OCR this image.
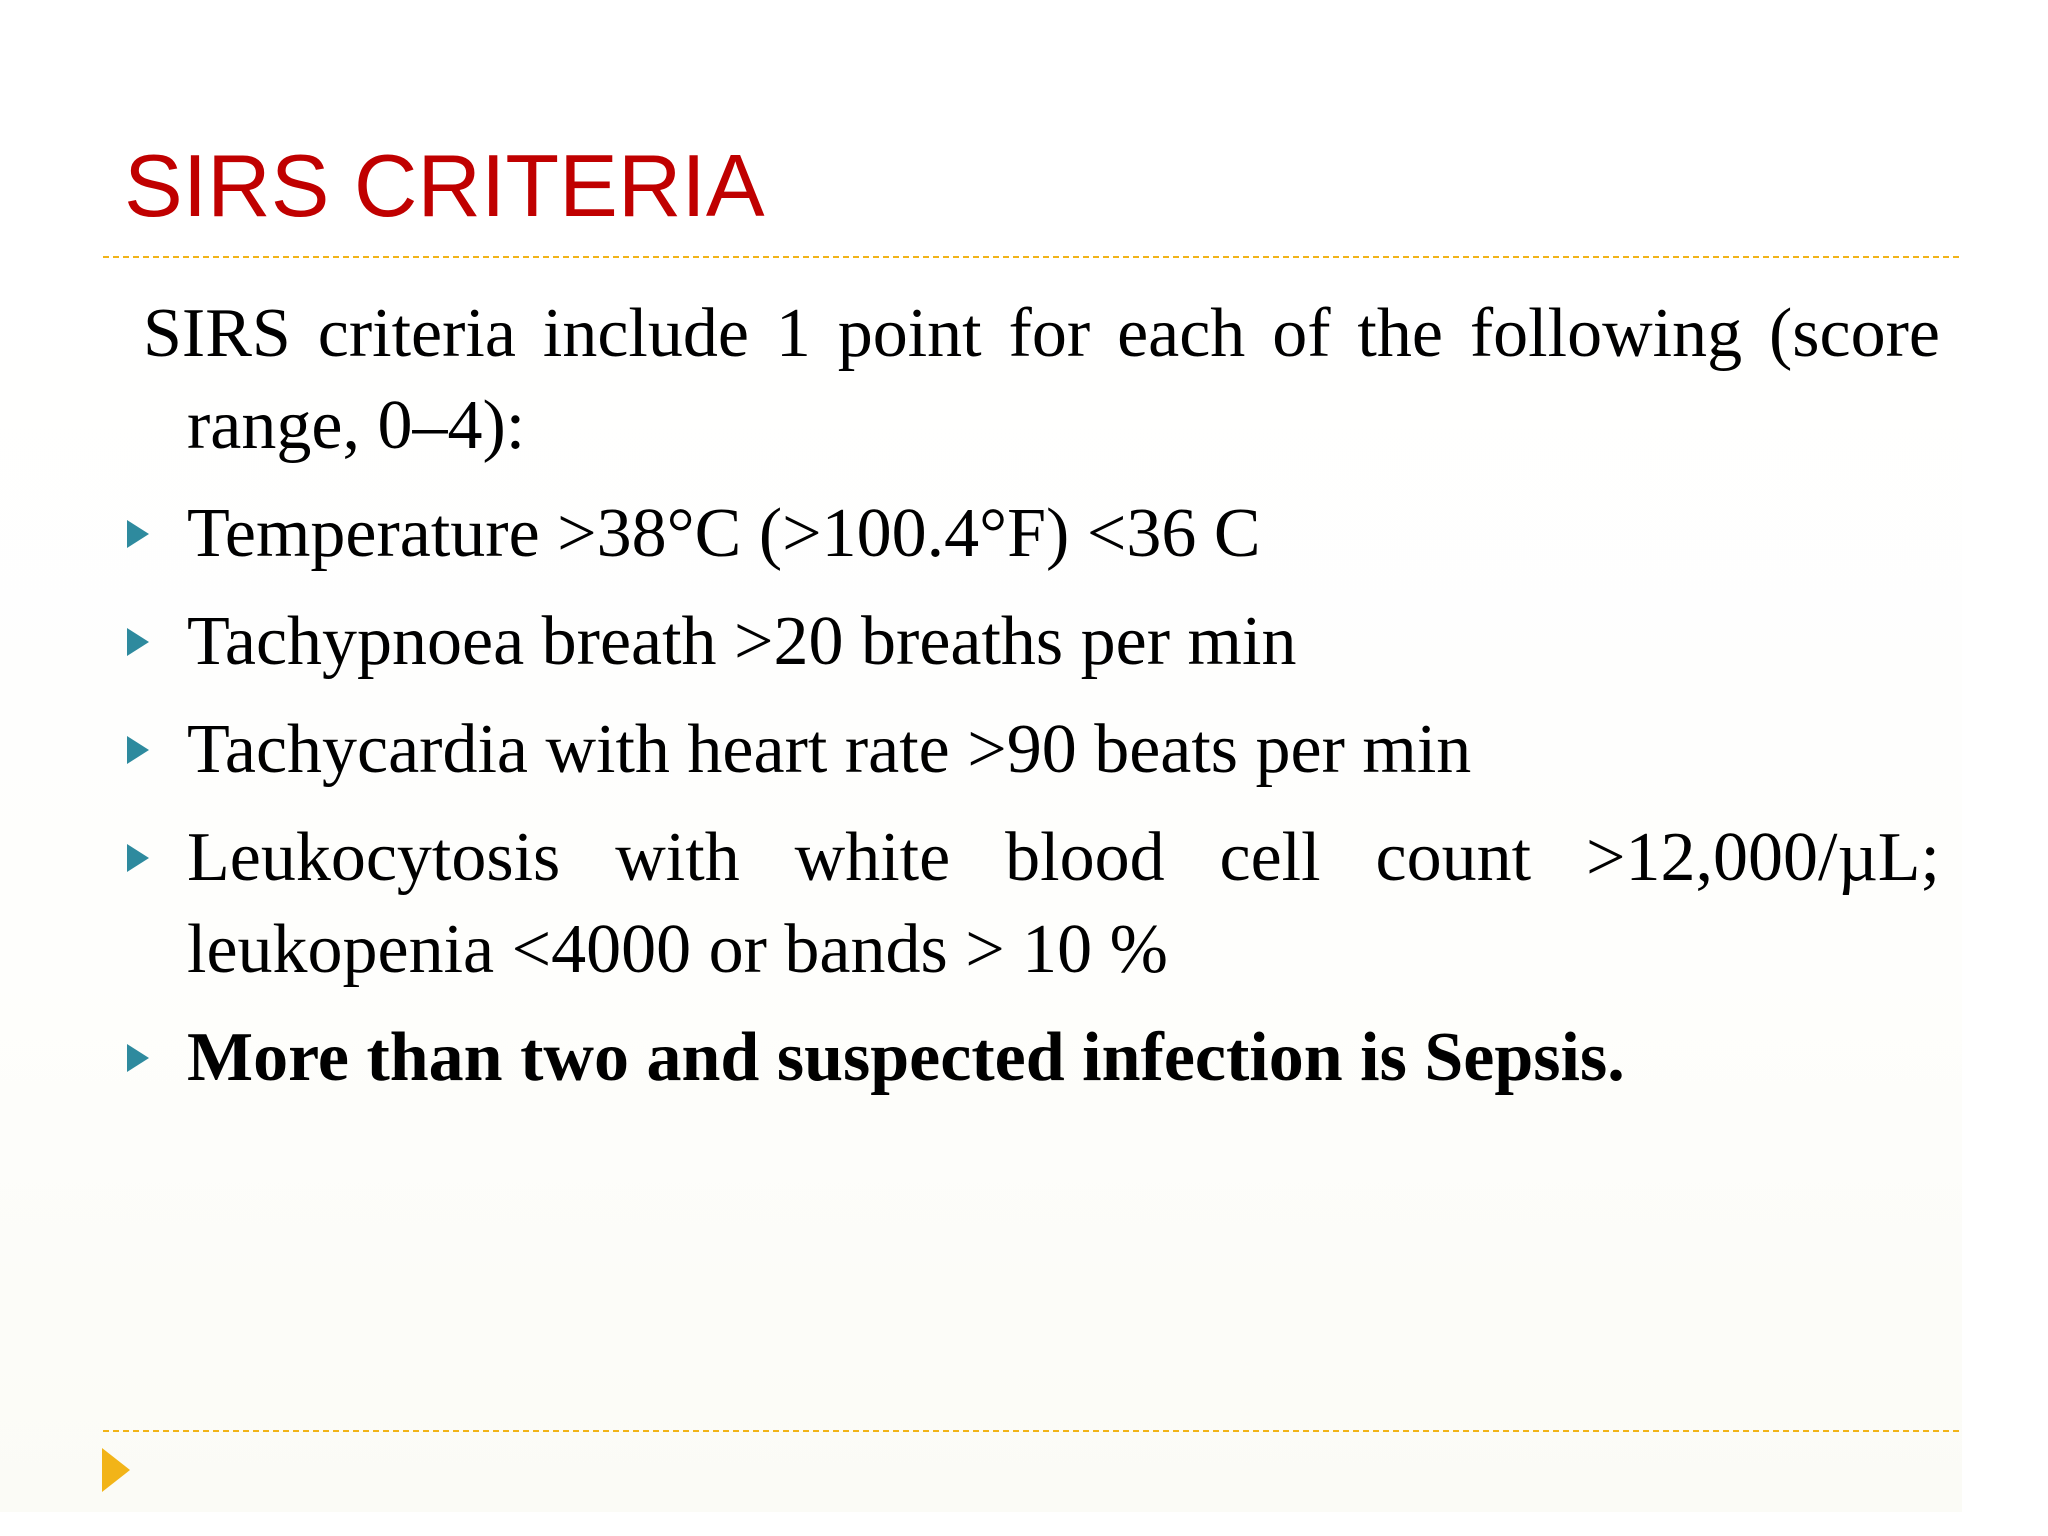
SIRS CRITERIA

SIRS criteria include 1 point for each of the following (score range, 0–4):

Temperature >38°C (>100.4°F) <36 C
Tachypnoea breath >20 breaths per min
Tachycardia with heart rate >90 beats per min
Leukocytosis with white blood cell count >12,000/µL; leukopenia <4000 or bands > 10 %
More than two and suspected infection is Sepsis.
